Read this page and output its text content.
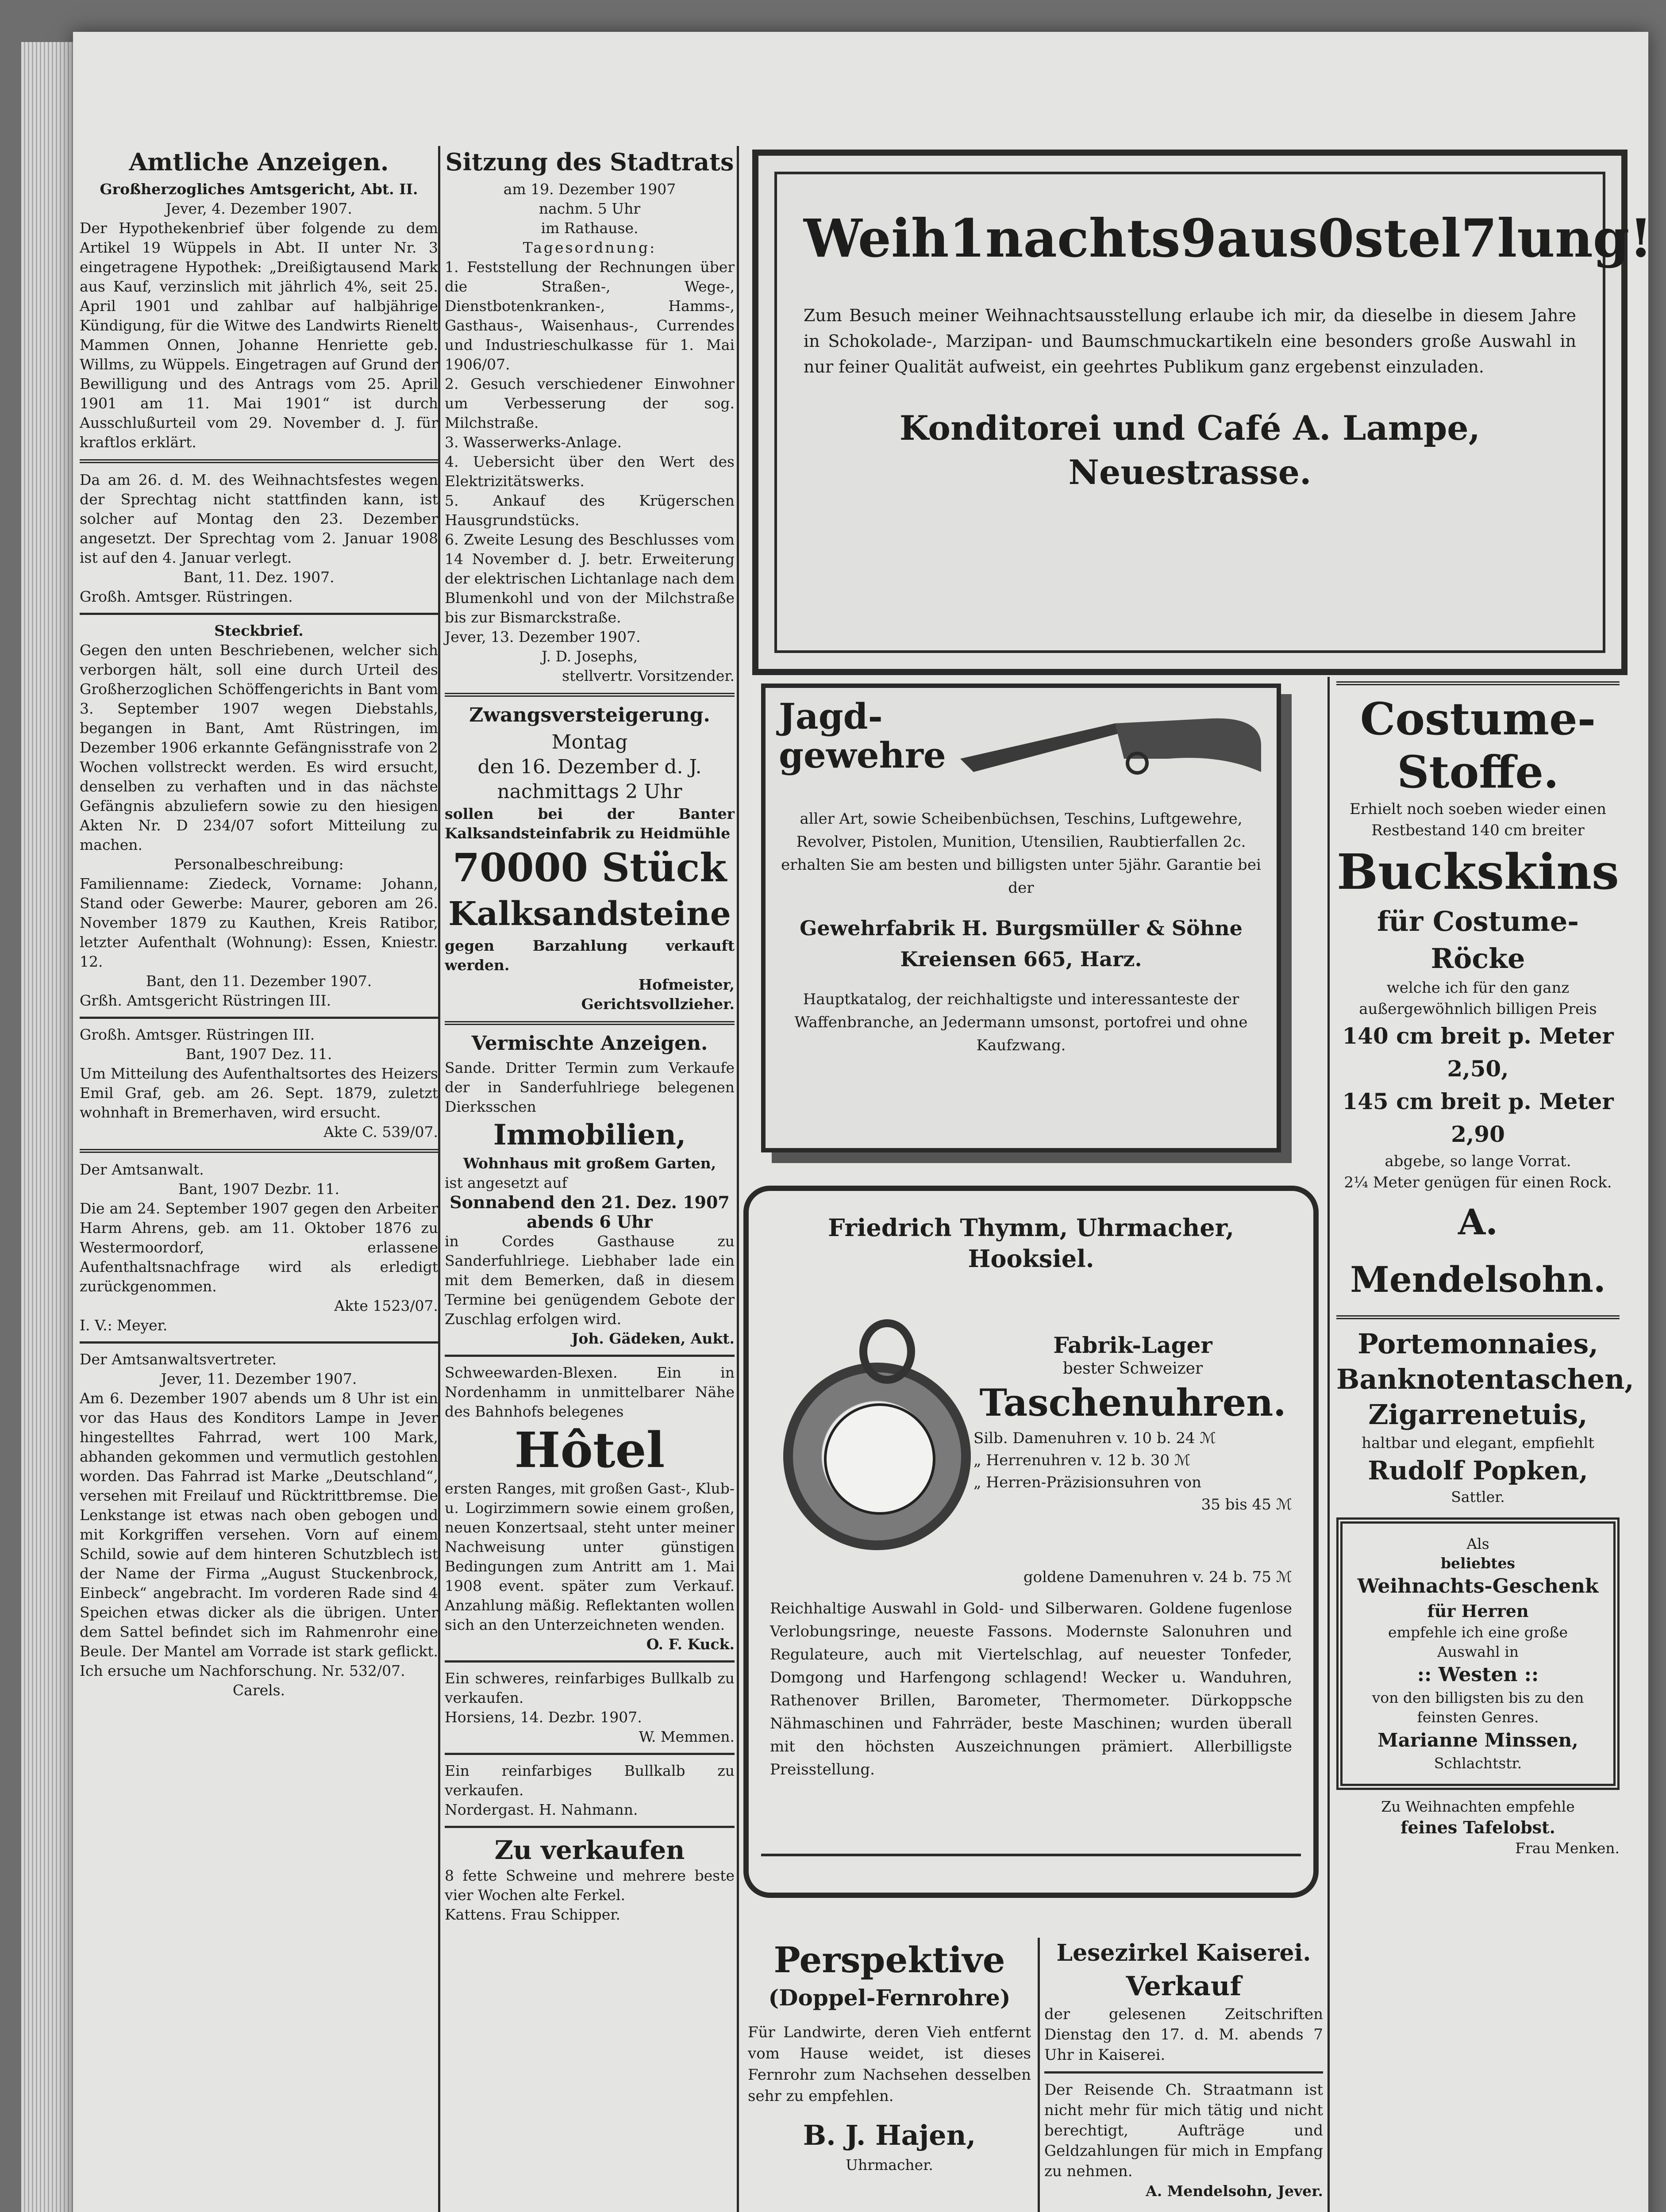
Amtliche Anzeigen.

Großherzogliches Amtsgericht, Abt. II.

Jever, 4. Dezember 1907.

Der Hypothekenbrief über folgende zu dem Artikel 19 Wüppels in Abt. II unter Nr. 3 eingetragene Hypothek: „Dreißigtausend Mark aus Kauf, verzinslich mit jährlich 4%, seit 25. April 1901 und zahlbar auf halbjährige Kündigung, für die Witwe des Landwirts Rienelt Mammen Onnen, Johanne Henriette geb. Willms, zu Wüppels. Eingetragen auf Grund der Bewilligung und des Antrags vom 25. April 1901 am 11. Mai 1901“ ist durch Ausschlußurteil vom 29. November d. J. für kraftlos erklärt.

Da am 26. d. M. des Weihnachtsfestes wegen der Sprechtag nicht stattfinden kann, ist solcher auf Montag den 23. Dezember angesetzt. Der Sprechtag vom 2. Januar 1908 ist auf den 4. Januar verlegt.

Bant, 11. Dez. 1907.

Großh. Amtsger. Rüstringen.

Steckbrief.

Gegen den unten Beschriebenen, welcher sich verborgen hält, soll eine durch Urteil des Großherzoglichen Schöffengerichts in Bant vom 3. September 1907 wegen Diebstahls, begangen in Bant, Amt Rüstringen, im Dezember 1906 erkannte Gefängnisstrafe von 2 Wochen vollstreckt werden. Es wird ersucht, denselben zu verhaften und in das nächste Gefängnis abzuliefern sowie zu den hiesigen Akten Nr. D 234/07 sofort Mitteilung zu machen.

Personalbeschreibung:

Familienname: Ziedeck, Vorname: Johann, Stand oder Gewerbe: Maurer, geboren am 26. November 1879 zu Kauthen, Kreis Ratibor, letzter Aufenthalt (Wohnung): Essen, Kniestr. 12.

Bant, den 11. Dezember 1907.

Grßh. Amtsgericht Rüstringen III.

Großh. Amtsger. Rüstringen III.

Bant, 1907 Dez. 11.

Um Mitteilung des Aufenthaltsortes des Heizers Emil Graf, geb. am 26. Sept. 1879, zuletzt wohnhaft in Bremerhaven, wird ersucht.

Akte C. 539/07.

Der Amtsanwalt.

Bant, 1907 Dezbr. 11.

Die am 24. September 1907 gegen den Arbeiter Harm Ahrens, geb. am 11. Oktober 1876 zu Westermoordorf, erlassene Aufenthaltsnachfrage wird als erledigt zurückgenommen.

Akte 1523/07.

I. V.: Meyer.

Der Amtsanwaltsvertreter.

Jever, 11. Dezember 1907.

Am 6. Dezember 1907 abends um 8 Uhr ist ein vor das Haus des Konditors Lampe in Jever hingestelltes Fahrrad, wert 100 Mark, abhanden gekommen und vermutlich gestohlen worden. Das Fahrrad ist Marke „Deutschland“, versehen mit Freilauf und Rücktrittbremse. Die Lenkstange ist etwas nach oben gebogen und mit Korkgriffen versehen. Vorn auf einem Schild, sowie auf dem hinteren Schutzblech ist der Name der Firma „August Stuckenbrock, Einbeck“ angebracht. Im vorderen Rade sind 4 Speichen etwas dicker als die übrigen. Unter dem Sattel befindet sich im Rahmenrohr eine Beule. Der Mantel am Vorrade ist stark geflickt. Ich ersuche um Nachforschung. Nr. 532/07.

Carels.

Sitzung des Stadtrats

am 19. Dezember 1907

nachm. 5 Uhr

im Rathause.

Tagesordnung:

1. Feststellung der Rechnungen über die Straßen-, Wege-, Dienstbotenkranken-, Hamms-, Gasthaus-, Waisenhaus-, Currendes und Industrieschulkasse für 1. Mai 1906/07.

2. Gesuch verschiedener Einwohner um Verbesserung der sog. Milchstraße.

3. Wasserwerks-Anlage.

4. Uebersicht über den Wert des Elektrizitätswerks.

5. Ankauf des Krügerschen Hausgrundstücks.

6. Zweite Lesung des Beschlusses vom 14 November d. J. betr. Erweiterung der elektrischen Lichtanlage nach dem Blumenkohl und von der Milchstraße bis zur Bismarckstraße.

Jever, 13. Dezember 1907.

J. D. Josephs,

stellvertr. Vorsitzender.

Zwangsversteigerung.

Montag

den 16. Dezember d. J.

nachmittags 2 Uhr

sollen bei der Banter Kalksandsteinfabrik zu Heidmühle

70000 Stück

Kalksandsteine

gegen Barzahlung verkauft werden.

Hofmeister,

Gerichtsvollzieher.

Vermischte Anzeigen.

Sande. Dritter Termin zum Verkaufe der in Sanderfuhlriege belegenen Dierksschen

Immobilien,

Wohnhaus mit großem Garten,

ist angesetzt auf

Sonnabend den 21. Dez. 1907

abends 6 Uhr

in Cordes Gasthause zu Sanderfuhlriege. Liebhaber lade ein mit dem Bemerken, daß in diesem Termine bei genügendem Gebote der Zuschlag erfolgen wird.

Joh. Gädeken, Aukt.

Schweewarden-Blexen. Ein in Nordenhamm in unmittelbarer Nähe des Bahnhofs belegenes

Hôtel

ersten Ranges, mit großen Gast-, Klub- u. Logirzimmern sowie einem großen, neuen Konzertsaal, steht unter meiner Nachweisung unter günstigen Bedingungen zum Antritt am 1. Mai 1908 event. später zum Verkauf. Anzahlung mäßig. Reflektanten wollen sich an den Unterzeichneten wenden.

O. F. Kuck.

Ein schweres, reinfarbiges Bullkalb zu verkaufen.

Horsiens, 14. Dezbr. 1907.

W. Memmen.

Ein reinfarbiges Bullkalb zu verkaufen.

Nordergast. H. Nahmann.

Zu verkaufen

8 fette Schweine und mehrere beste vier Wochen alte Ferkel.

Kattens. Frau Schipper.

Weih1nachts9aus0stel7lung!

Zum Besuch meiner Weihnachtsausstellung erlaube ich mir, da dieselbe in diesem Jahre in Schokolade-, Marzipan- und Baumschmuckartikeln eine besonders große Auswahl in nur feiner Qualität aufweist, ein geehrtes Publikum ganz ergebenst einzuladen.

Konditorei und Café A. Lampe, Neuestrasse.

Jagd-
gewehre

aller Art, sowie Scheibenbüchsen, Teschins, Luftgewehre, Revolver, Pistolen, Munition, Utensilien, Raubtierfallen 2c. erhalten Sie am besten und billigsten unter 5jähr. Garantie bei der

Gewehrfabrik H. Burgsmüller & Söhne

Kreiensen 665, Harz.

Hauptkatalog, der reichhaltigste und interessanteste der Waffenbranche, an Jedermann umsonst, portofrei und ohne Kaufzwang.

Friedrich Thymm, Uhrmacher,

Hooksiel.

Fabrik-Lager

bester Schweizer

Taschenuhren.

Silb. Damenuhren v. 10 b. 24 ℳ

„ Herrenuhren v. 12 b. 30 ℳ

„ Herren-Präzisionsuhren von

35 bis 45 ℳ

goldene Damenuhren v. 24 b. 75 ℳ

Reichhaltige Auswahl in Gold- und Silberwaren. Goldene fugenlose Verlobungsringe, neueste Fassons. Modernste Salonuhren und Regulateure, auch mit Viertelschlag, auf neuester Tonfeder, Domgong und Harfengong schlagend! Wecker u. Wanduhren, Rathenover Brillen, Barometer, Thermometer. Dürkoppsche Nähmaschinen und Fahrräder, beste Maschinen; wurden überall mit den höchsten Auszeichnungen prämiert. Allerbilligste Preisstellung.

Perspektive

(Doppel-Fernrohre)

Für Landwirte, deren Vieh entfernt vom Hause weidet, ist dieses Fernrohr zum Nachsehen desselben sehr zu empfehlen.

B. J. Hajen,

Uhrmacher.

Lesezirkel Kaiserei.

Verkauf

der gelesenen Zeitschriften Dienstag den 17. d. M. abends 7 Uhr in Kaiserei.

Der Reisende Ch. Straatmann ist nicht mehr für mich tätig und nicht berechtigt, Aufträge und Geldzahlungen für mich in Empfang zu nehmen.

A. Mendelsohn, Jever.

Costume-

Stoffe.

Erhielt noch soeben wieder einen Restbestand 140 cm breiter

Buckskins

für Costume-Röcke

welche ich für den ganz außergewöhnlich billigen Preis

140 cm breit p. Meter 2,50,

145 cm breit p. Meter 2,90

abgebe, so lange Vorrat.

2¼ Meter genügen für einen Rock.

A. Mendelsohn.

Portemonnaies,

Banknotentaschen,

Zigarrenetuis,

haltbar und elegant, empfiehlt

Rudolf Popken,

Sattler.

Als

beliebtes

Weihnachts-Geschenk

für Herren

empfehle ich eine große Auswahl in

:: Westen ::

von den billigsten bis zu den feinsten Genres.

Marianne Minssen,

Schlachtstr.

Zu Weihnachten empfehle

feines Tafelobst.

Frau Menken.
